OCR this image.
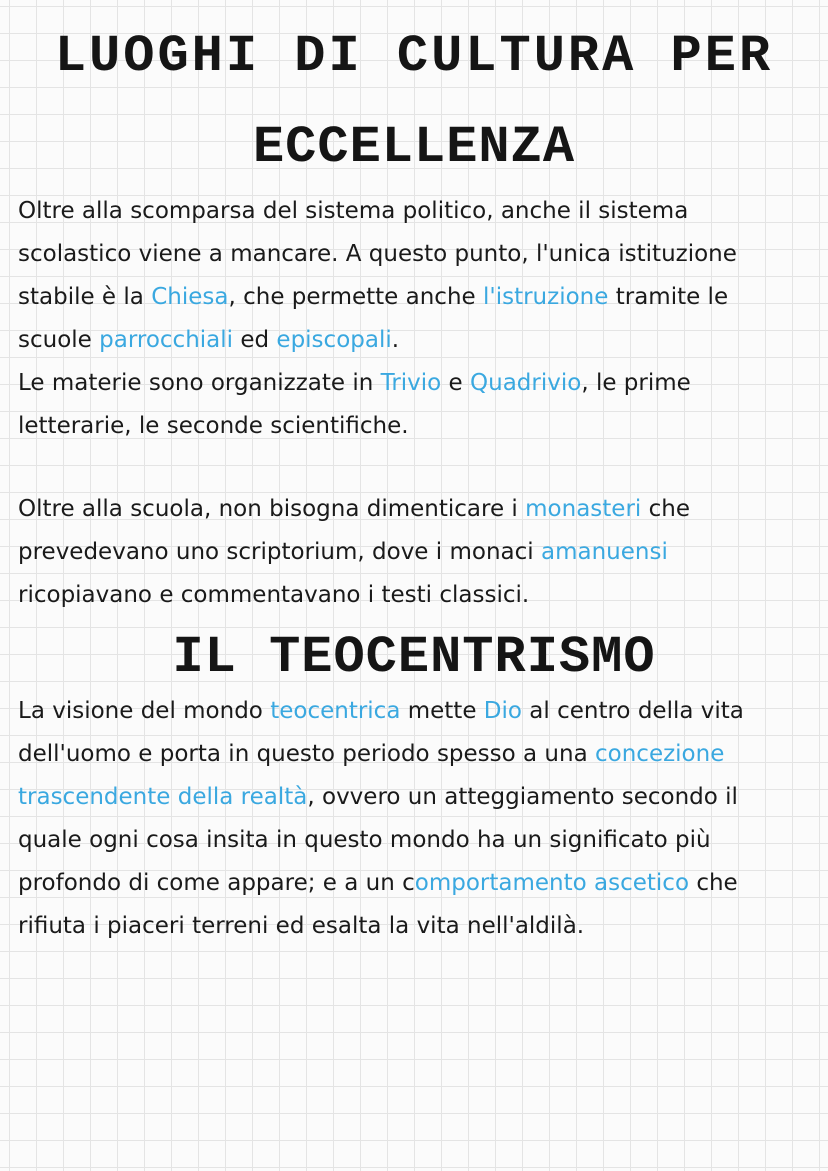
LUOGHI DI CULTURA PER
ECCELLENZA

Oltre alla scomparsa del sistema politico, anche il sistema
scolastico viene a mancare. A questo punto, l'unica istituzione
stabile è la Chiesa, che permette anche l'istruzione tramite le
scuole parrocchiali ed episcopali.
Le materie sono organizzate in Trivio e Quadrivio, le prime
letterarie, le seconde scientifiche.

Oltre alla scuola, non bisogna dimenticare i monasteri che
prevedevano uno scriptorium, dove i monaci amanuensi
ricopiavano e commentavano i testi classici.

IL TEOCENTRISMO

La visione del mondo teocentrica mette Dio al centro della vita
dell'uomo e porta in questo periodo spesso a una concezione
trascendente della realtà, ovvero un atteggiamento secondo il
quale ogni cosa insita in questo mondo ha un significato più
profondo di come appare; e a un comportamento ascetico che
rifiuta i piaceri terreni ed esalta la vita nell'aldilà.
